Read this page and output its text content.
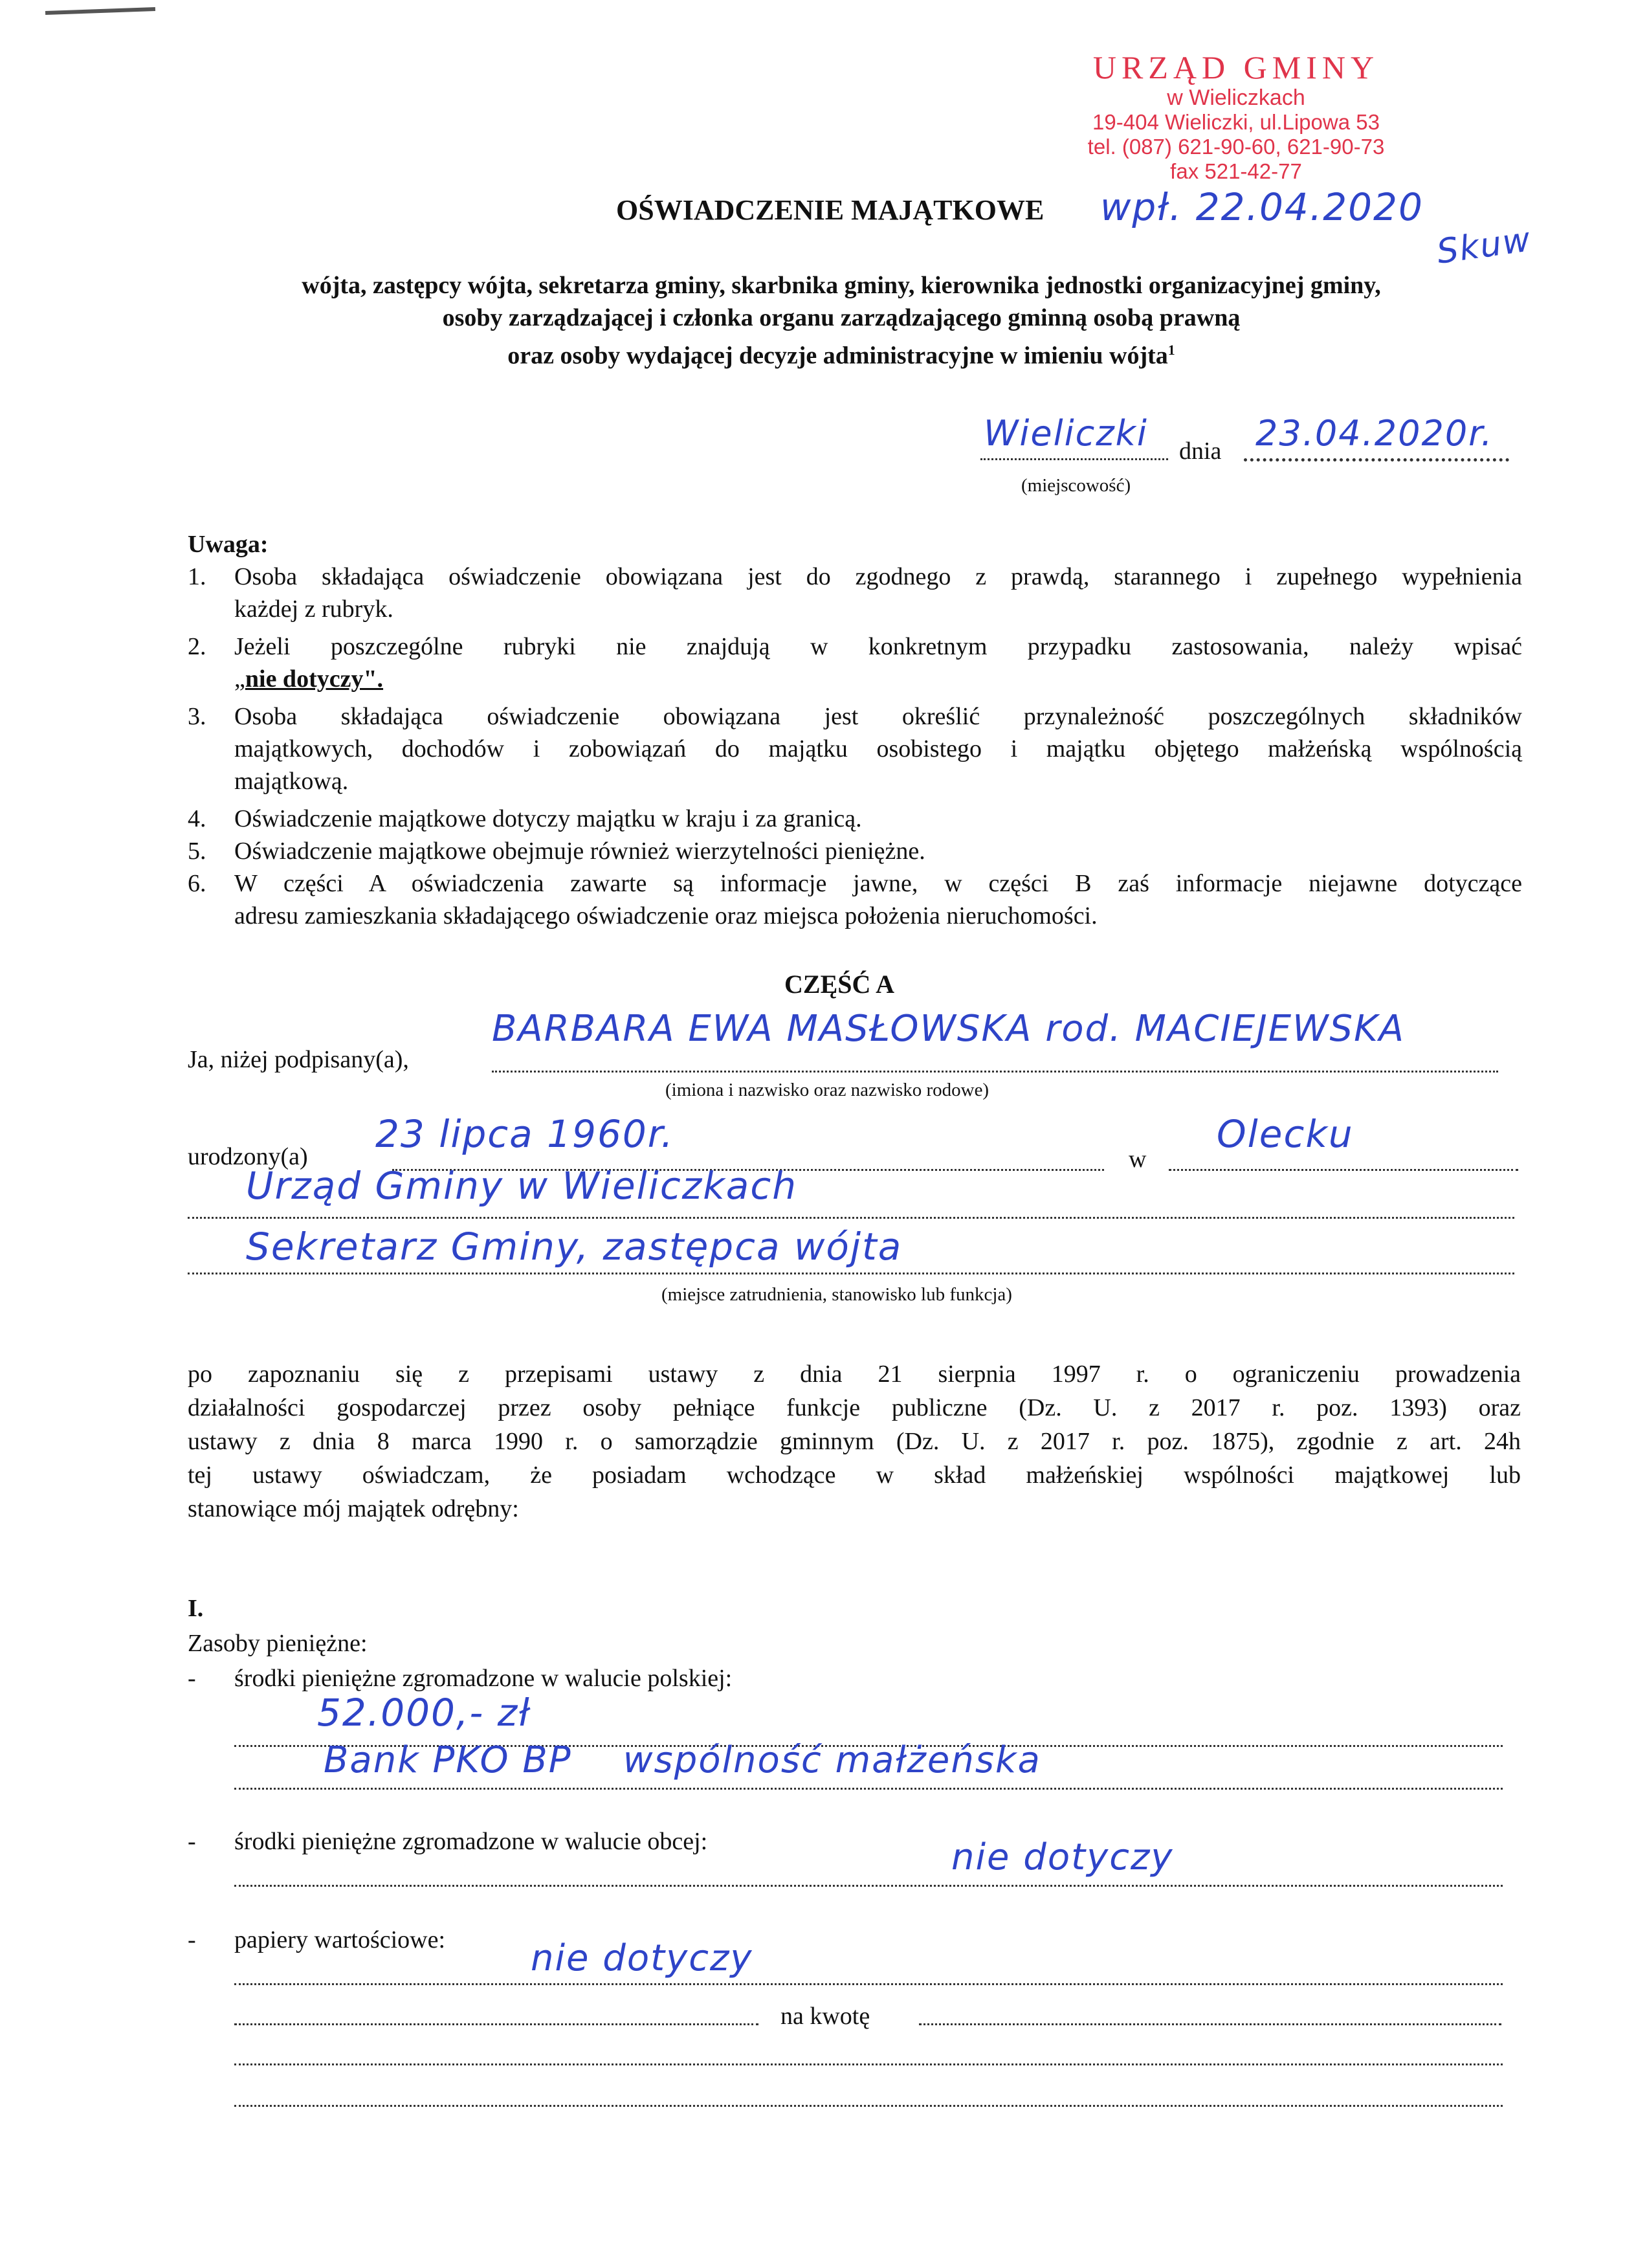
URZĄD GMINY
w Wieliczkach
19-404 Wieliczki, ul.Lipowa 53
tel. (087) 621-90-60, 621-90-73
fax 521-42-77
OŚWIADCZENIE MAJĄTKOWE wpł. 22.04.2020
Skuw
wójta, zastępcy wójta, sekretarza gminy, skarbnika gminy, kierownika jednostki organizacyjnej gminy,
osoby zarządzającej i członka organu zarządzającego gminną osobą prawną
oraz osoby wydającej decyzje administracyjne w imieniu wójta$^1$
Wieliczki dnia 23.04.2020r.
(miejscowość)
Uwaga:
1. Osoba składająca oświadczenie obowiązana jest do zgodnego z prawdą, starannego i zupełnego wypełnienia
każdej z rubryk.
2. Jeżeli poszczególne rubryki nie znajdują w konkretnym przypadku zastosowania, należy wpisać
„nie dotyczy".
3. Osoba składająca oświadczenie obowiązana jest określić przynależność poszczególnych składników
majątkowych, dochodów i zobowiązań do majątku osobistego i majątku objętego małżeńską wspólnością
majątkową.
4. Oświadczenie majątkowe dotyczy majątku w kraju i za granicą.
5. Oświadczenie majątkowe obejmuje również wierzytelności pieniężne.
6. W części A oświadczenia zawarte są informacje jawne, w części B zaś informacje niejawne dotyczące
adresu zamieszkania składającego oświadczenie oraz miejsca położenia nieruchomości.
CZĘŚĆ A
Ja, niżej podpisany(a),
BARBARA EWA MASŁOWSKA rod. MACIEJEWSKA
(imiona i nazwisko oraz nazwisko rodowe)
urodzony(a)
23 lipca 1960r.
w
Olecku
Urząd Gminy w Wieliczkach
Sekretarz Gminy, zastępca wójta
(miejsce zatrudnienia, stanowisko lub funkcja)
po zapoznaniu się z przepisami ustawy z dnia 21 sierpnia 1997 r. o ograniczeniu prowadzenia
działalności gospodarczej przez osoby pełniące funkcje publiczne (Dz. U. z 2017 r. poz. 1393) oraz
ustawy z dnia 8 marca 1990 r. o samorządzie gminnym (Dz. U. z 2017 r. poz. 1875), zgodnie z art. 24h
tej ustawy oświadczam, że posiadam wchodzące w skład małżeńskiej wspólności majątkowej lub
stanowiące mój majątek odrębny:
I.
Zasoby pieniężne:
- środki pieniężne zgromadzone w walucie polskiej:
52.000,- zł
Bank PKO BP    wspólność małżeńska
- środki pieniężne zgromadzone w walucie obcej:	nie dotyczy
- papiery wartościowe: nie dotyczy
na kwotę
